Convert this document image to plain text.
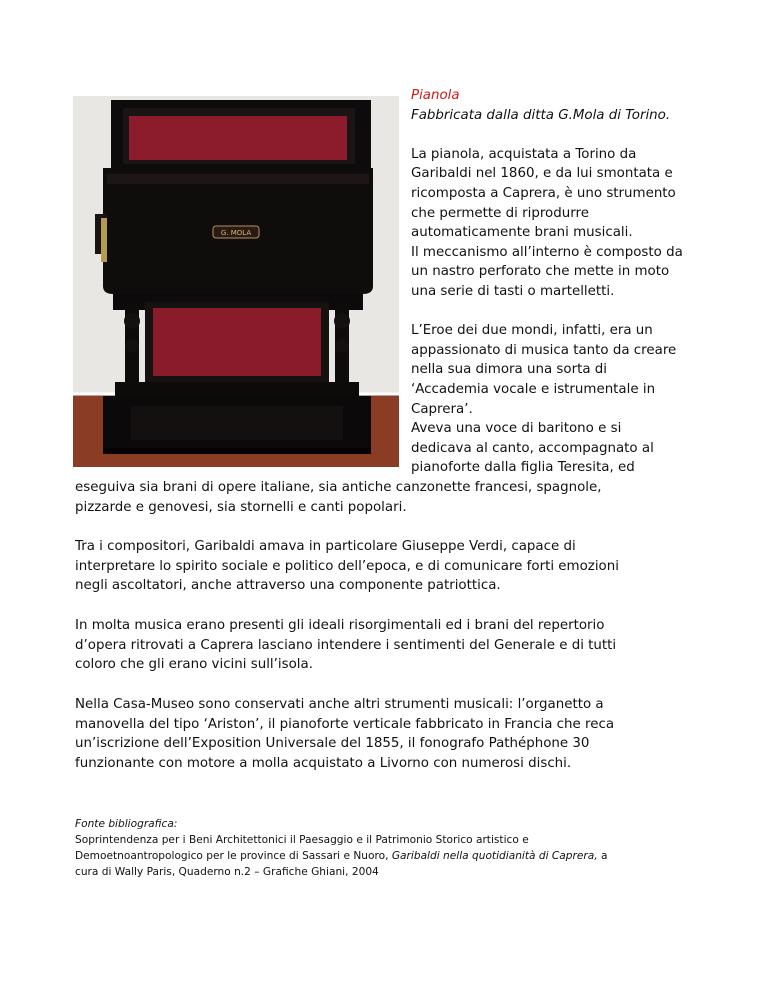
G. MOLA

Pianola

Fabbricata dalla ditta G.Mola di Torino.

La pianola, acquistata a Torino da

Garibaldi nel 1860, e da lui smontata e

ricomposta a Caprera, è uno strumento

che permette di riprodurre

automaticamente brani musicali.

Il meccanismo all’interno è composto da

un nastro perforato che mette in moto

una serie di tasti o martelletti.

L’Eroe dei due mondi, infatti, era un

appassionato di musica tanto da creare

nella sua dimora una sorta di

‘Accademia vocale e istrumentale in

Caprera’.

Aveva una voce di baritono e si

dedicava al canto, accompagnato al

pianoforte dalla figlia Teresita, ed

eseguiva sia brani di opere italiane, sia antiche canzonette francesi, spagnole,

pizzarde e genovesi, sia stornelli e canti popolari.

Tra i compositori, Garibaldi amava in particolare Giuseppe Verdi, capace di

interpretare lo spirito sociale e politico dell’epoca, e di comunicare forti emozioni

negli ascoltatori, anche attraverso una componente patriottica.

In molta musica erano presenti gli ideali risorgimentali ed i brani del repertorio

d’opera ritrovati a Caprera lasciano intendere i sentimenti del Generale e di tutti

coloro che gli erano vicini sull’isola.

Nella Casa-Museo sono conservati anche altri strumenti musicali: l’organetto a

manovella del tipo ‘Ariston’, il pianoforte verticale fabbricato in Francia che reca

un’iscrizione dell’Exposition Universale del 1855, il fonografo Pathéphone 30

funzionante con motore a molla acquistato a Livorno con numerosi dischi.

Fonte bibliografica:

Soprintendenza per i Beni Architettonici il Paesaggio e il Patrimonio Storico artistico e

Demoetnoantropologico per le province di Sassari e Nuoro, Garibaldi nella quotidianità di Caprera, a

cura di Wally Paris, Quaderno n.2 – Grafiche Ghiani, 2004
